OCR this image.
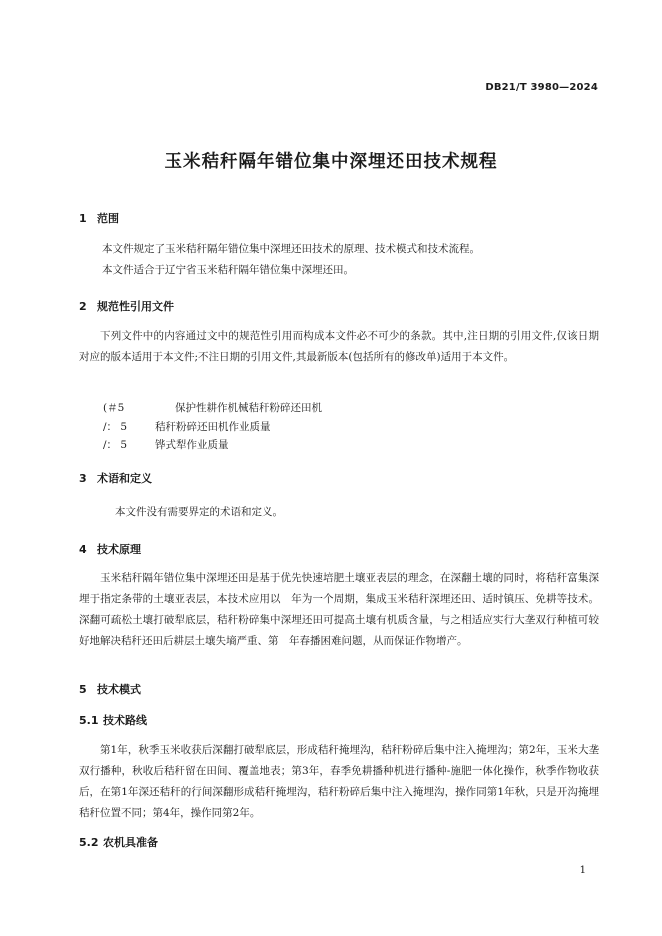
DB21/T 3980—2024
玉米秸秆隔年错位集中深埋还田技术规程
1 范围
本文件规定了玉米秸秆隔年错位集中深埋还田技术的原理、技术模式和技术流程。
本文件适合于辽宁省玉米秸秆隔年错位集中深埋还田。
2 规范性引用文件
下列文件中的内容通过文中的规范性引用而构成本文件必不可少的条款。其中,注日期的引用文件,仅该日期对应的版本适用于本文件;不注日期的引用文件,其最新版本(包括所有的修改单)适用于本文件。
(＃5	保护性耕作机械秸秆粉碎还田机
/： 5	秸秆粉碎还田机作业质量
/： 5	铧式犁作业质量
3 术语和定义
本文件没有需要界定的术语和定义。
4 技术原理
玉米秸秆隔年错位集中深埋还田是基于优先快速培肥土壤亚表层的理念，在深翻土壤的同时，将秸秆富集深埋于指定条带的土壤亚表层，本技术应用以　年为一个周期，集成玉米秸秆深埋还田、适时镇压、免耕等技术。深翻可疏松土壤打破犁底层，秸秆粉碎集中深埋还田可提高土壤有机质含量，与之相适应实行大垄双行种植可较好地解决秸秆还田后耕层土壤失墒严重、第　年春播困难问题，从而保证作物增产。
5 技术模式
5.1 技术路线
第1年，秋季玉米收获后深翻打破犁底层，形成秸秆掩埋沟，秸秆粉碎后集中注入掩埋沟；第2年，玉米大垄双行播种，秋收后秸秆留在田间、覆盖地表；第3年，春季免耕播种机进行播种-施肥一体化操作，秋季作物收获后，在第1年深还秸秆的行间深翻形成秸秆掩埋沟，秸秆粉碎后集中注入掩埋沟，操作同第1年秋，只是开沟掩埋秸秆位置不同；第4年，操作同第2年。
5.2 农机具准备
1
